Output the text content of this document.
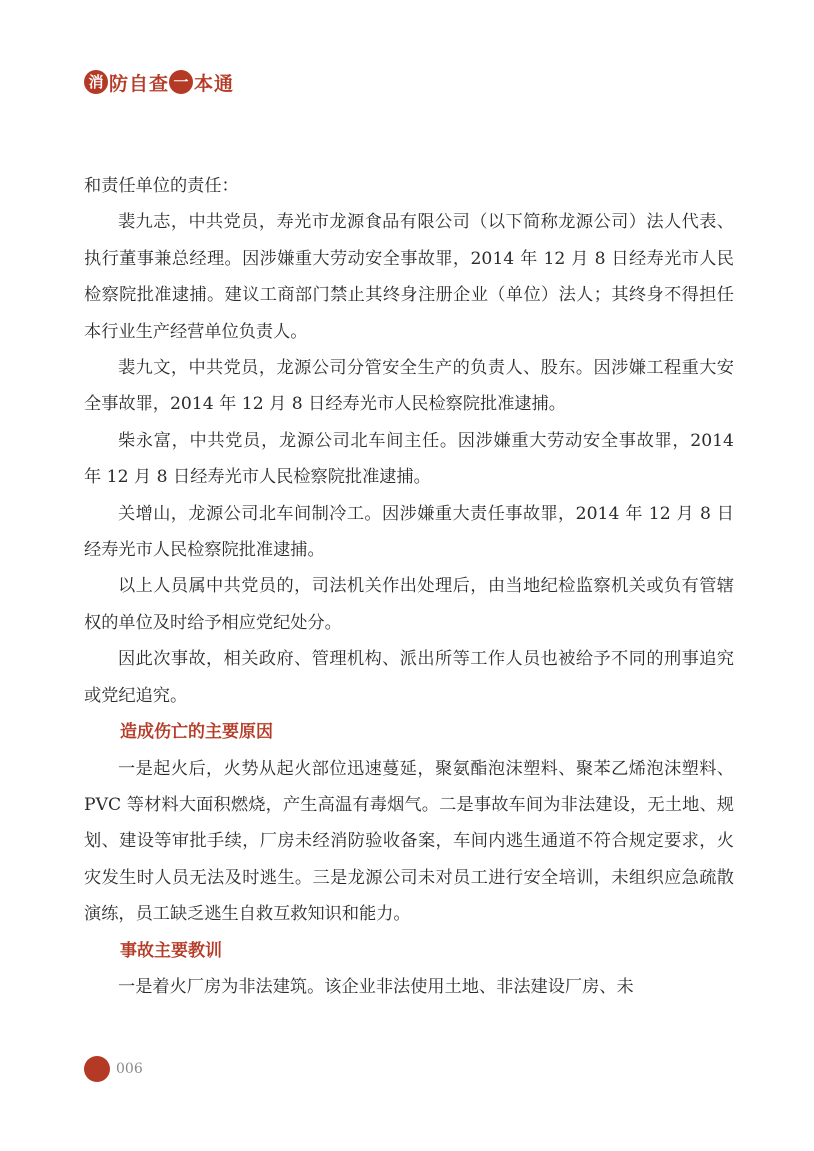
消 防自查 一 本通

和责任单位的责任：

裴九志，中共党员，寿光市龙源食品有限公司（以下简称龙源公司）法人代表、执行董事兼总经理。因涉嫌重大劳动安全事故罪，2014 年 12 月 8 日经寿光市人民检察院批准逮捕。建议工商部门禁止其终身注册企业（单位）法人；其终身不得担任本行业生产经营单位负责人。

裴九文，中共党员，龙源公司分管安全生产的负责人、股东。因涉嫌工程重大安全事故罪，2014 年 12 月 8 日经寿光市人民检察院批准逮捕。

柴永富，中共党员，龙源公司北车间主任。因涉嫌重大劳动安全事故罪，2014 年 12 月 8 日经寿光市人民检察院批准逮捕。

关增山，龙源公司北车间制冷工。因涉嫌重大责任事故罪，2014 年 12 月 8 日经寿光市人民检察院批准逮捕。

以上人员属中共党员的，司法机关作出处理后，由当地纪检监察机关或负有管辖权的单位及时给予相应党纪处分。

因此次事故，相关政府、管理机构、派出所等工作人员也被给予不同的刑事追究或党纪追究。

造成伤亡的主要原因

一是起火后，火势从起火部位迅速蔓延，聚氨酯泡沫塑料、聚苯乙烯泡沫塑料、PVC 等材料大面积燃烧，产生高温有毒烟气。二是事故车间为非法建设，无土地、规划、建设等审批手续，厂房未经消防验收备案，车间内逃生通道不符合规定要求，火灾发生时人员无法及时逃生。三是龙源公司未对员工进行安全培训，未组织应急疏散演练，员工缺乏逃生自救互救知识和能力。

事故主要教训

一是着火厂房为非法建筑。该企业非法使用土地、非法建设厂房、未

006
